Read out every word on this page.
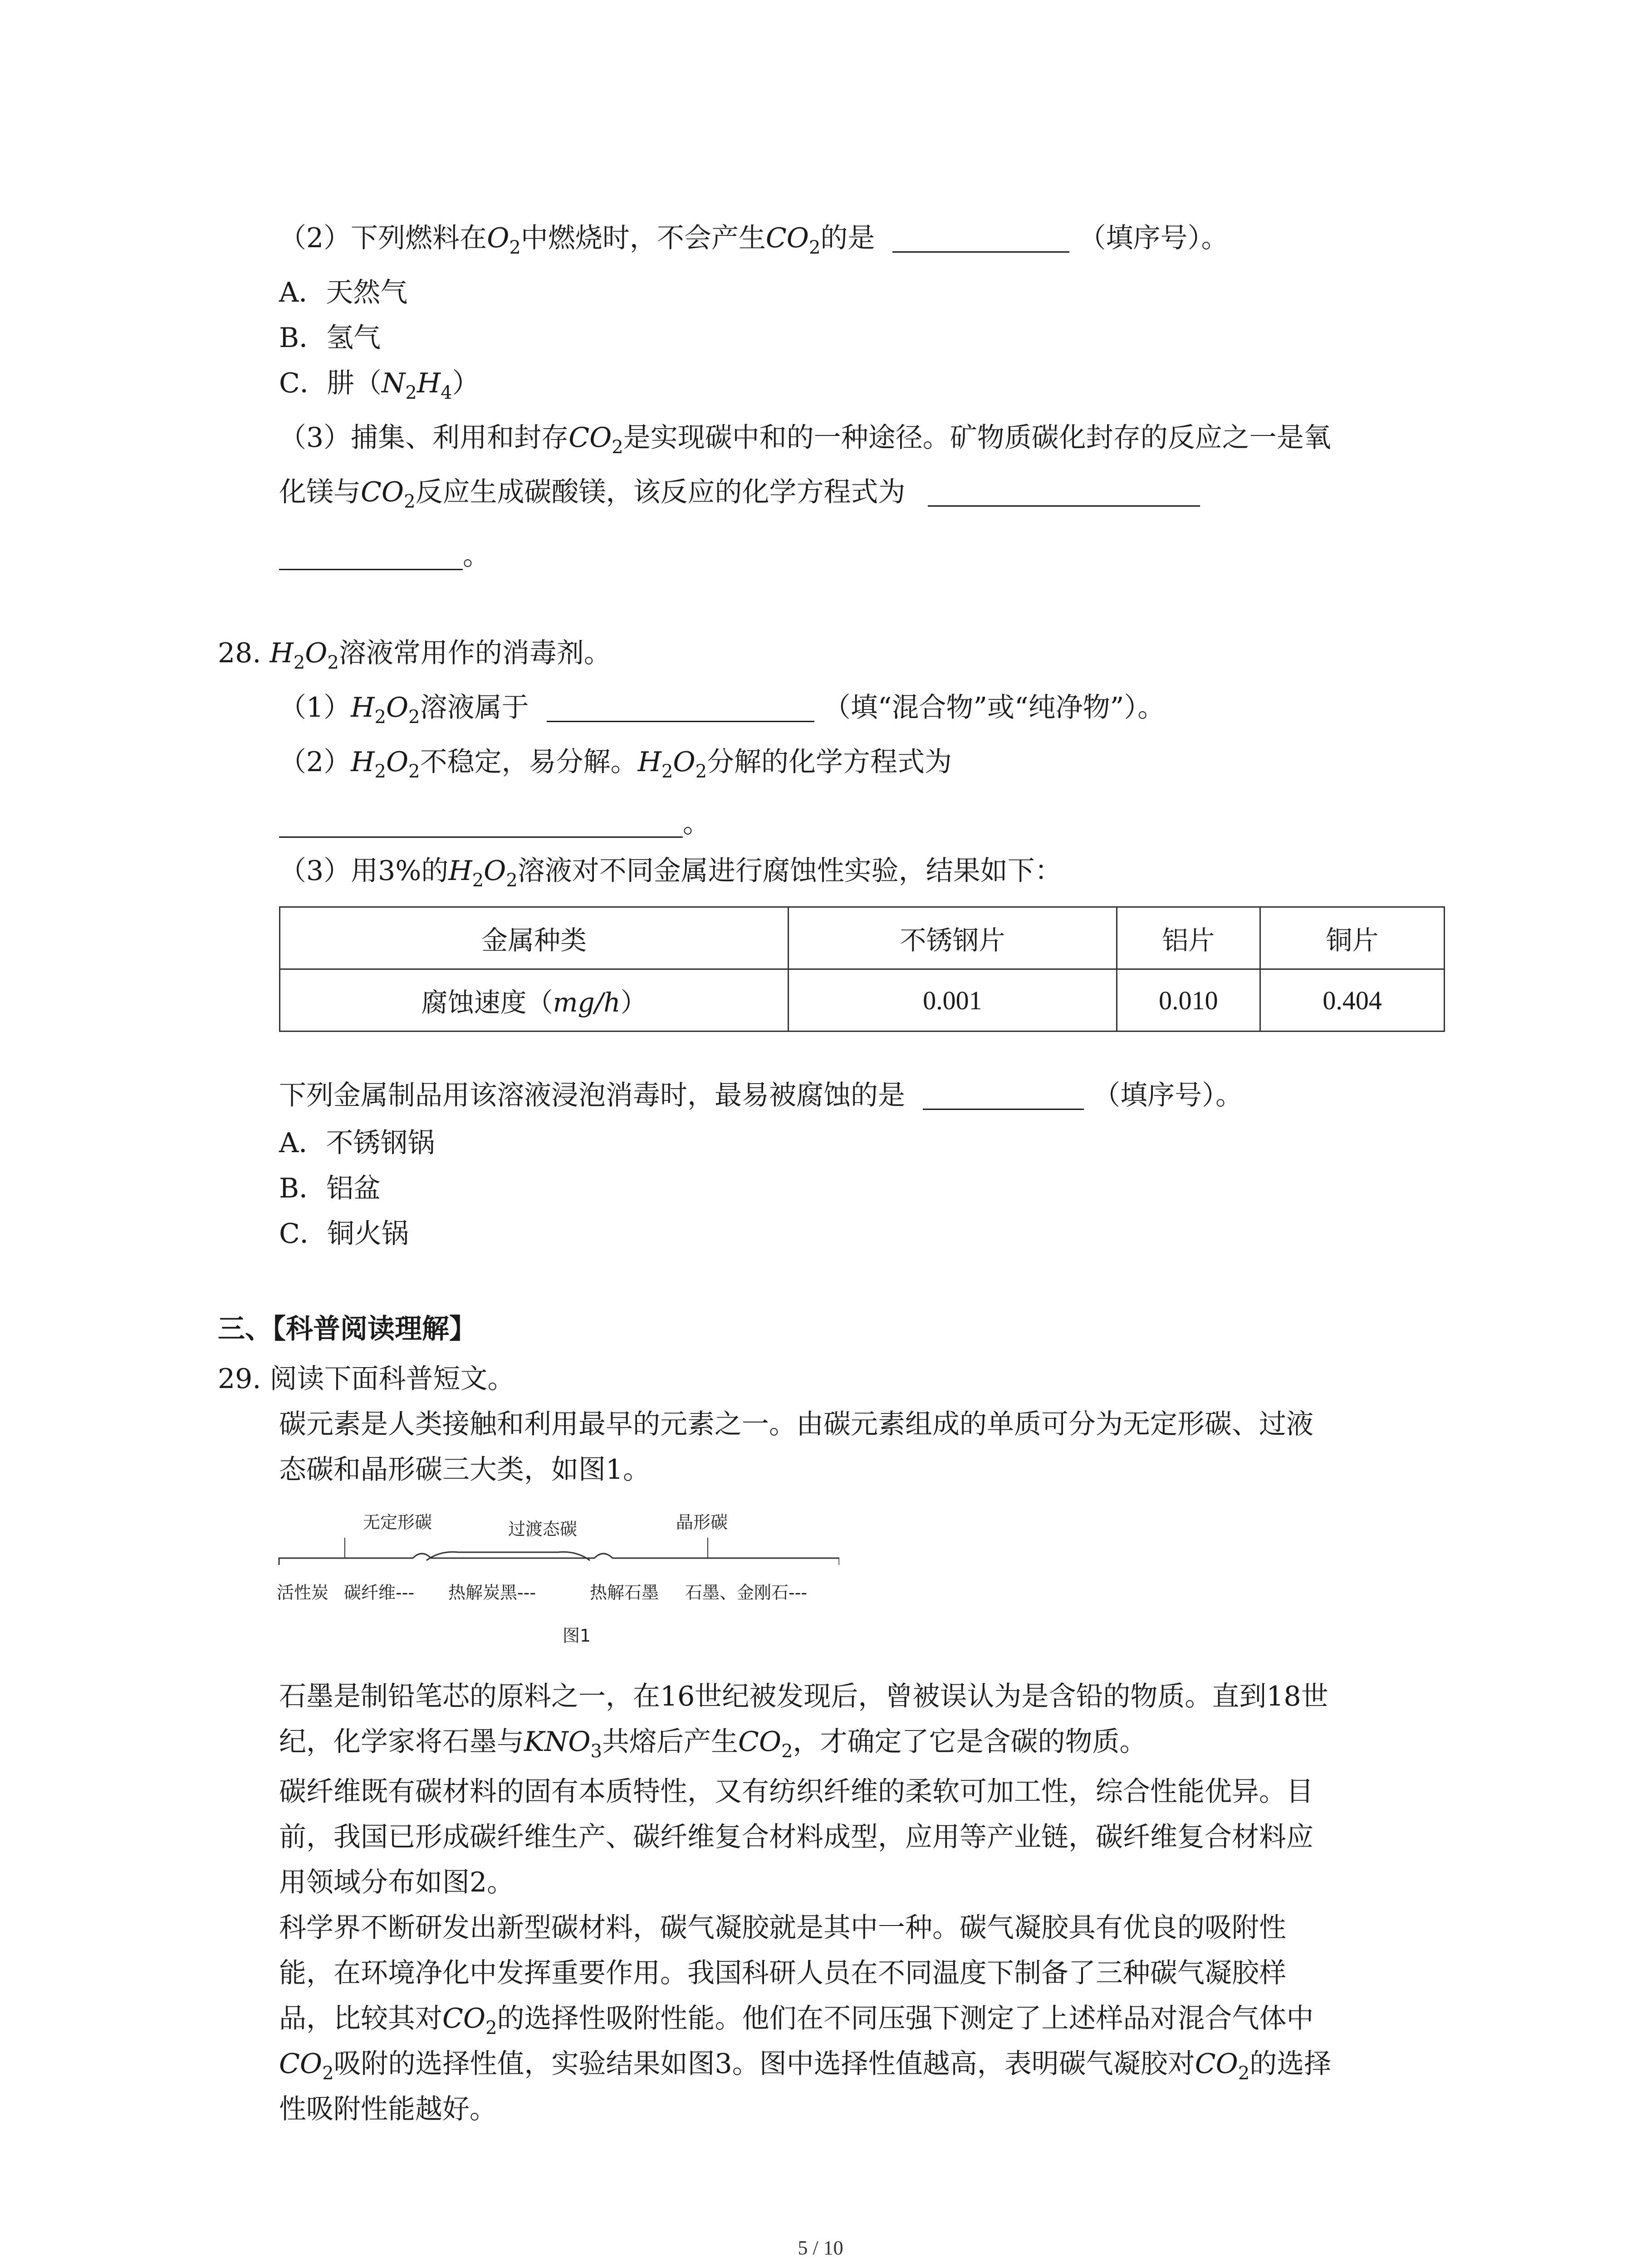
（2）下列燃料在$O_2$中燃烧时，不会产生$CO_2$的是	（填序号）。
A．天然气
B．氢气
C．肼$(N_2H_4)$
（3）捕集、利用和封存$CO_2$是实现碳中和的一种途径。矿物质碳化封存的反应之一是氧
化镁与$CO_2$反应生成碳酸镁，该反应的化学方程式为
。
28. $H_2O_2$溶液常用作的消毒剂。
$(1)H_2O_2$溶液属于	（填“混合物”或“纯净物”）。
$(2)H_2O_2$不稳定，易分解。$H_2O_2$分解的化学方程式为
。
（3）用3%的$H_2O_2$溶液对不同金属进行腐蚀性实验，结果如下：
金属种类	不锈钢片	铝片	铜片
腐蚀速度（mg/h）	0.001	0.010	0.404
下列金属制品用该溶液浸泡消毒时，最易被腐蚀的是	（填序号）。
A．不锈钢锅
B．铝盆
C．铜火锅
三、【科普阅读理解】
29. 阅读下面科普短文。
碳元素是人类接触和利用最早的元素之一。由碳元素组成的单质可分为无定形碳、过液
态碳和晶形碳三大类，如图1。
无定形碳	过渡态碳	晶形碳
活性炭 碳纤维--- 热解炭黑---	热解石墨 石墨、金刚石---
图1
石墨是制铅笔芯的原料之一，在16世纪被发现后，曾被误认为是含铅的物质。直到18世
纪，化学家将石墨与$KNO_3$共熔后产生$CO_2$，才确定了它是含碳的物质。
碳纤维既有碳材料的固有本质特性，又有纺织纤维的柔软可加工性，综合性能优异。目
前，我国已形成碳纤维生产、碳纤维复合材料成型，应用等产业链，碳纤维复合材料应
用领域分布如图2。
科学界不断研发出新型碳材料，碳气凝胶就是其中一种。碳气凝胶具有优良的吸附性
能，在环境净化中发挥重要作用。我国科研人员在不同温度下制备了三种碳气凝胶样
品，比较其对$CO_2$的选择性吸附性能。他们在不同压强下测定了上述样品对混合气体中
$CO_2$吸附的选择性值，实验结果如图3。图中选择性值越高，表明碳气凝胶对$CO_2$的选择
性吸附性能越好。
5 / 10
